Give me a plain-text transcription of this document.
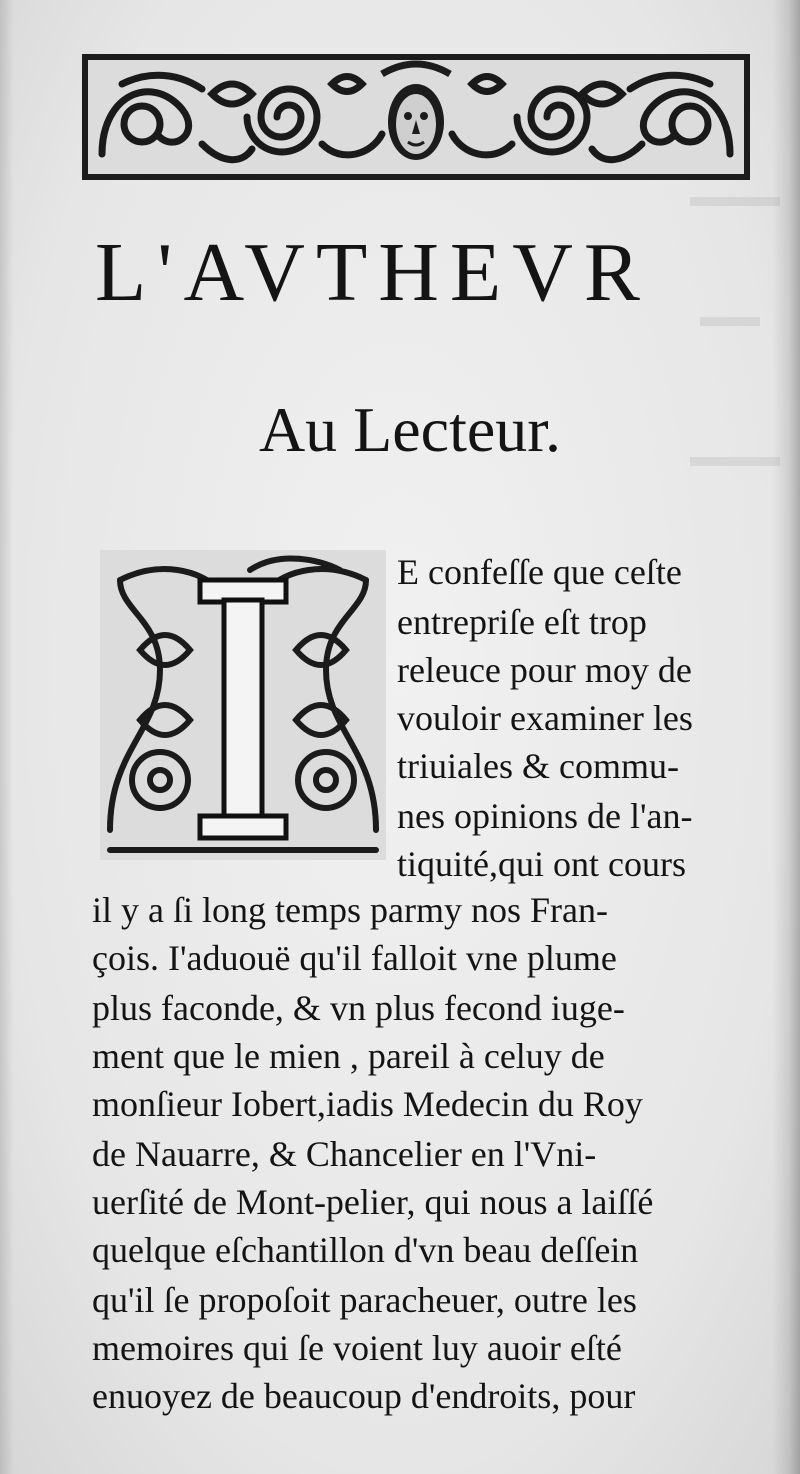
▬▬▬
▬▬
▬▬▬
L'AVTHEVR
Au Lecteur.
E confeſſe que ceſte
entrepriſe eſt trop
releuce pour moy de
vouloir examiner les
triuiales & commu-
nes opinions de l'an-
tiquité,qui ont cours
il y a ſi long temps parmy nos Fran-
çois. I'aduouë qu'il falloit vne plume
plus faconde, & vn plus fecond iuge-
ment que le mien , pareil à celuy de
monſieur Iobert,iadis Medecin du Roy
de Nauarre, & Chancelier en l'Vni-
uerſité de Mont-pelier, qui nous a laiſſé
quelque eſchantillon d'vn beau deſſein
qu'il ſe propoſoit paracheuer, outre les
memoires qui ſe voient luy auoir eſté
enuoyez de beaucoup d'endroits, pour
